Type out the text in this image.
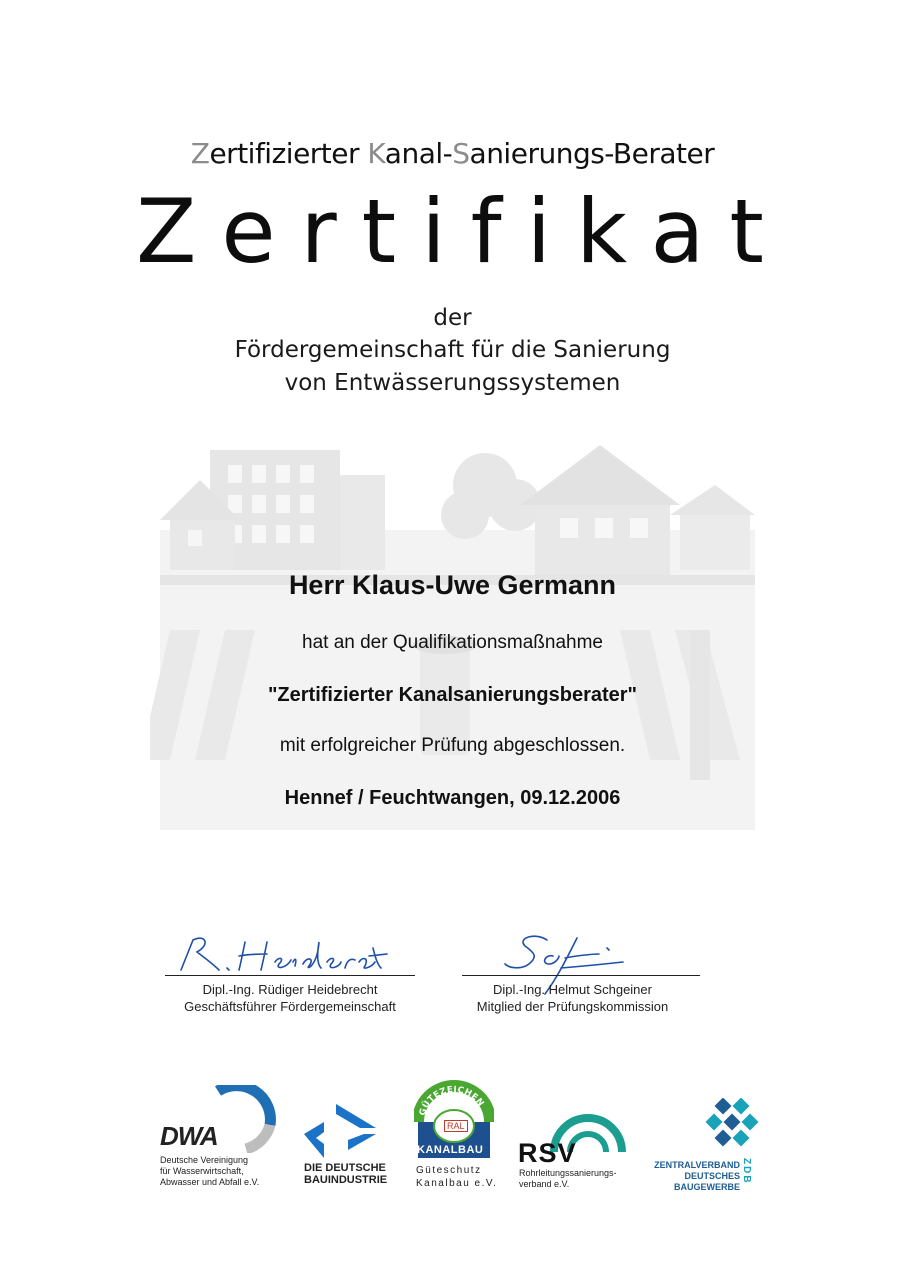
Zertifizierter Kanal-Sanierungs-Berater
Zertifikat
der
Fördergemeinschaft für die Sanierung
von Entwässerungssystemen
Herr Klaus-Uwe Germann
hat an der Qualifikationsmaßnahme
"Zertifizierter Kanalsanierungsberater"
mit erfolgreicher Prüfung abgeschlossen.
Hennef / Feuchtwangen, 09.12.2006
Dipl.-Ing. Rüdiger Heidebrecht
Geschäftsführer Fördergemeinschaft
Dipl.-Ing. Helmut Schgeiner
Mitglied der Prüfungskommission
DWA
Deutsche Vereinigung
für Wasserwirtschaft,
Abwasser und Abfall e.V.
DIE DEUTSCHE
BAUINDUSTRIE
GÜTEZEICHEN
RAL
KANALBAU
Güteschutz
Kanalbau e.V.
RSV
Rohrleitungssanierungs-
verband e.V.
ZENTRALVERBAND
DEUTSCHES
BAUGEWERBE
ZDB
